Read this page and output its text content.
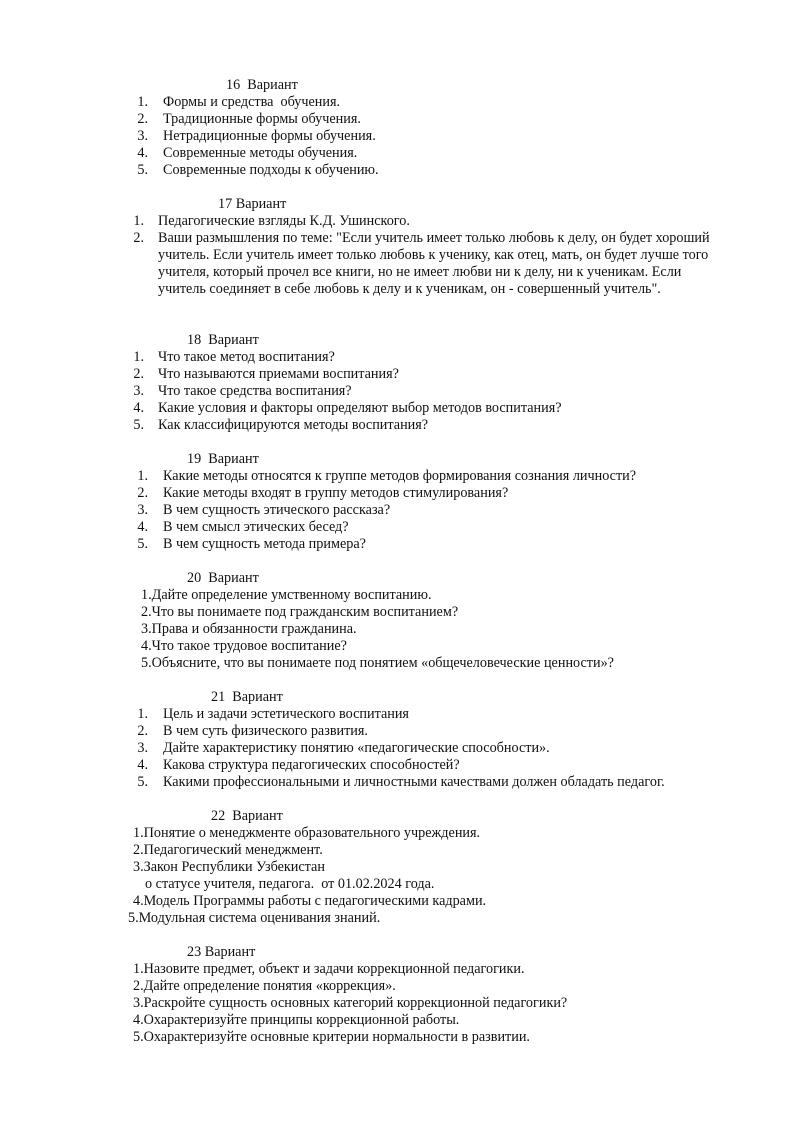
16  Вариант
1. Формы и средства  обучения.
2. Традиционные формы обучения.
3. Нетрадиционные формы обучения.
4. Современные методы обучения.
5. Современные подходы к обучению.
17 Вариант
1. Педагогические взгляды К.Д. Ушинского.
2. Ваши размышления по теме: "Если учитель имеет только любовь к делу, он будет хороший учитель. Если учитель имеет только любовь к ученику, как отец, мать, он будет лучше того учителя, который прочел все книги, но не имеет любви ни к делу, ни к ученикам. Если учитель соединяет в себе любовь к делу и к ученикам, он - совершенный учитель".
18  Вариант
1. Что такое метод воспитания?
2. Что называются приемами воспитания?
3. Что такое средства воспитания?
4. Какие условия и факторы определяют выбор методов воспитания?
5. Как классифицируются методы воспитания?
19  Вариант
1. Какие методы относятся к группе методов формирования сознания личности?
2. Какие методы входят в группу методов стимулирования?
3. В чем сущность этического рассказа?
4. В чем смысл этических бесед?
5. В чем сущность метода примера?
20  Вариант
1.Дайте определение умственному воспитанию.
2.Что вы понимаете под гражданским воспитанием?
3.Права и обязанности гражданина.
4.Что такое трудовое воспитание?
5.Объясните, что вы понимаете под понятием «общечеловеческие ценности»?
21  Вариант
1. Цель и задачи эстетического воспитания
2. В чем суть физического развития.
3. Дайте характеристику понятию «педагогические способности».
4. Какова структура педагогических способностей?
5. Какими профессиональными и личностными качествами должен обладать педагог.
22  Вариант
1.Понятие о менеджменте образовательного учреждения.
2.Педагогический менеджмент.
3.Закон Республики Узбекистан
о статусе учителя, педагога.  от 01.02.2024 года.
4.Модель Программы работы с педагогическими кадрами.
5.Модульная система оценивания знаний.
23 Вариант
1.Назовите предмет, объект и задачи коррекционной педагогики.
2.Дайте определение понятия «коррекция».
3.Раскройте сущность основных категорий коррекционной педагогики?
4.Охарактеризуйте принципы коррекционной работы.
5.Охарактеризуйте основные критерии нормальности в развитии.
